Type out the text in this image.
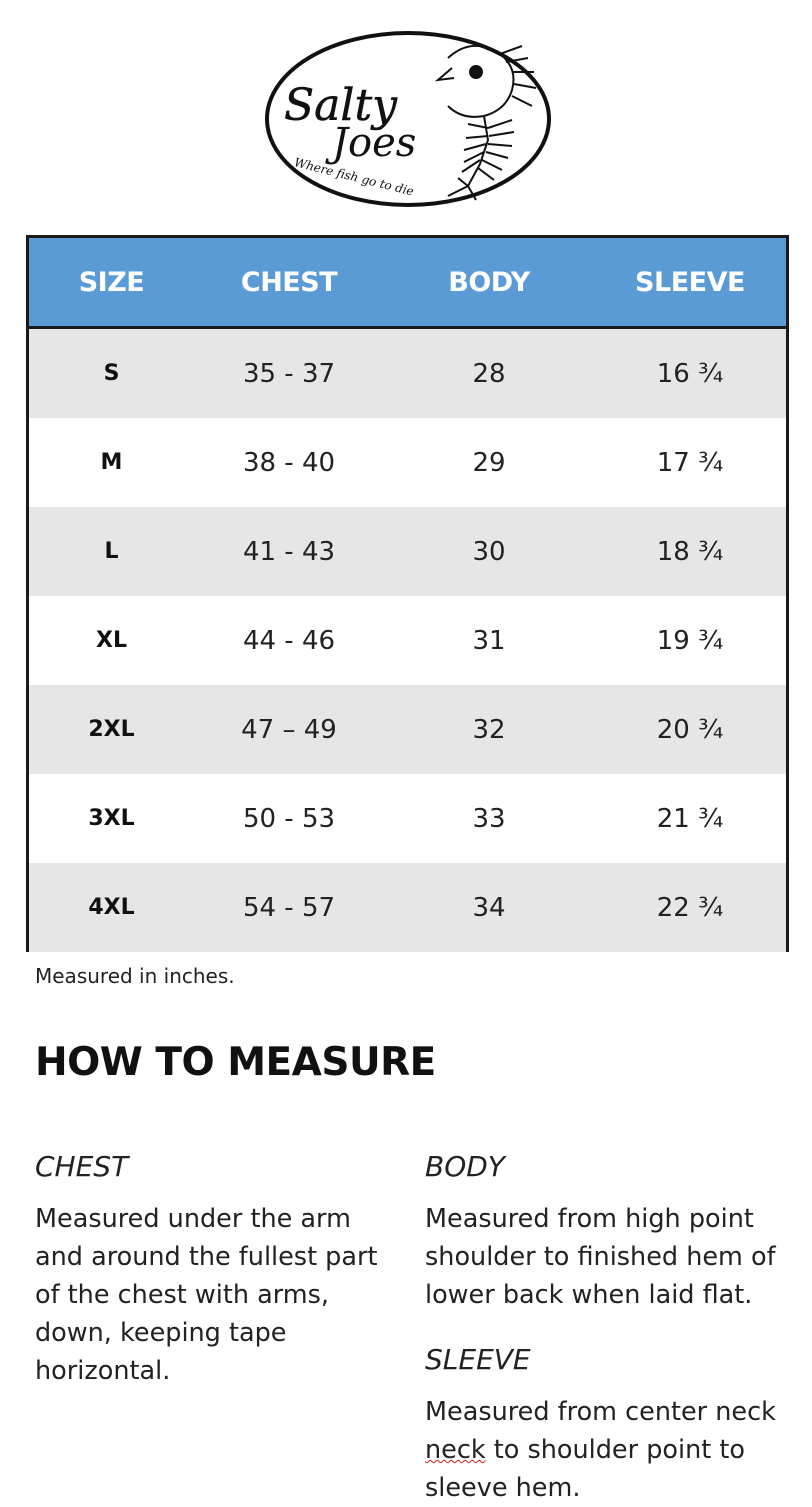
Salty
Joes
Where fish go to die
SIZE	CHEST	BODY	SLEEVE
S	35 - 37	28	16 ¾
M	38 - 40	29	17 ¾
L	41 - 43	30	18 ¾
XL	44 - 46	31	19 ¾
2XL	47 – 49	32	20 ¾
3XL	50 - 53	33	21 ¾
4XL	54 - 57	34	22 ¾
Measured in inches.
HOW TO MEASURE
CHEST
Measured under the arm
and around the fullest part
of the chest with arms,
down, keeping tape
horizontal.
BODY
Measured from high point
shoulder to finished hem of
lower back when laid flat.
SLEEVE
Measured from center neck
neck to shoulder point to
sleeve hem.
